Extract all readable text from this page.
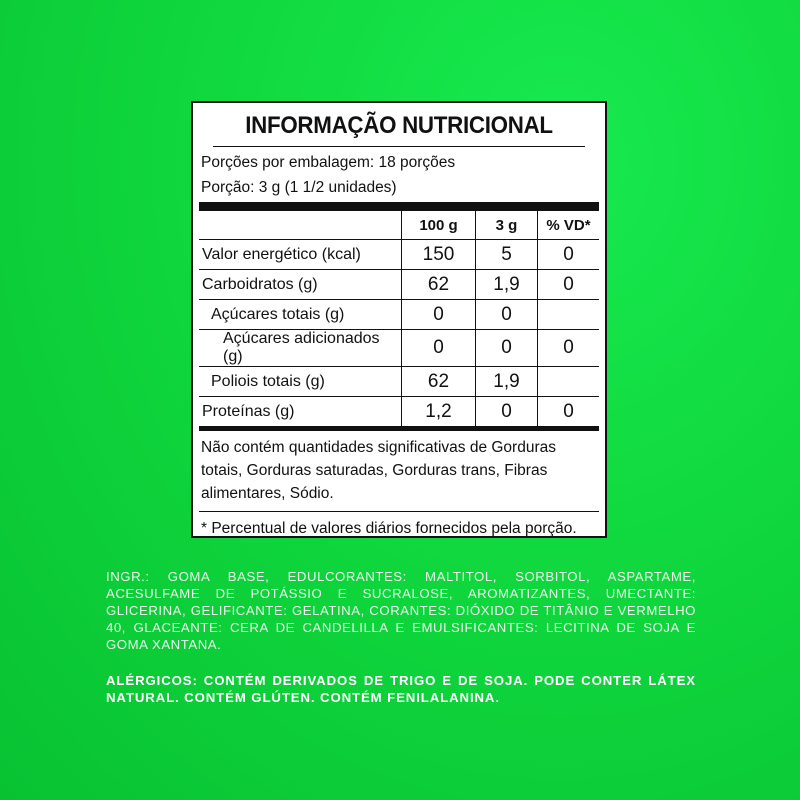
INFORMAÇÃO NUTRICIONAL
Porções por embalagem: 18 porções
Porção: 3 g (1 1/2 unidades)
	100 g	3 g	% VD*
Valor energético (kcal)	150	5	0
Carboidratos (g)	62	1,9	0
Açúcares totais (g)	0	0	
Açúcares adicionados (g)	0	0	0
Poliois totais (g)	62	1,9	
Proteínas (g)	1,2	0	0
Não contém quantidades significativas de Gorduras totais, Gorduras saturadas, Gorduras trans, Fibras alimentares, Sódio.
* Percentual de valores diários fornecidos pela porção.
INGR.: GOMA BASE, EDULCORANTES: MALTITOL, SORBITOL, ASPARTAME, ACESULFAME DE POTÁSSIO E SUCRALOSE, AROMATIZANTES, UMECTANTE: GLICERINA, GELIFICANTE: GELATINA, CORANTES: DIÓXIDO DE TITÂNIO E VERMELHO 40, GLACEANTE: CERA DE CANDELILLA E EMULSIFICANTES: LECITINA DE SOJA E GOMA XANTANA.
ALÉRGICOS: CONTÉM DERIVADOS DE TRIGO E DE SOJA. PODE CONTER LÁTEX NATURAL. CONTÉM GLÚTEN. CONTÉM FENILALANINA.
